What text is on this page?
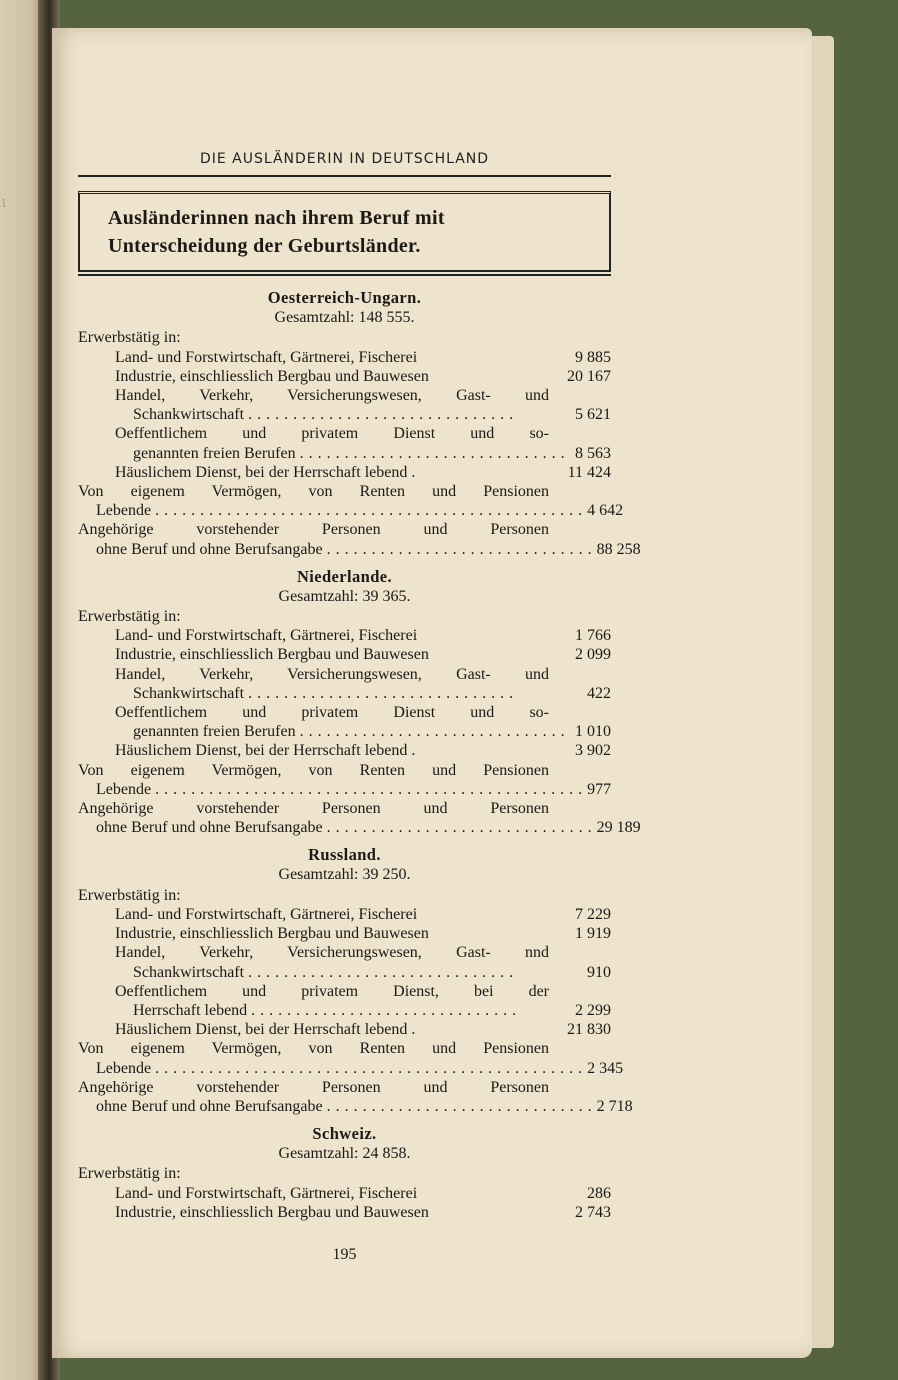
⁝
DIE AUSLÄNDERIN IN DEUTSCHLAND
Ausländerinnen nach ihrem Beruf mit
Unterscheidung der Geburtsländer.
Oesterreich-Ungarn.
Gesamtzahl: 148 555.
Erwerbstätig in:
Land- und Forstwirtschaft, Gärtnerei, Fischerei	9 885
Industrie, einschliesslich Bergbau und Bauwesen	20 167
Handel, Verkehr, Versicherungswesen, Gast- und
Schankwirtschaft ..............................	5 621
Oeffentlichem und privatem Dienst und so-
genannten freien Berufen .............................. 8 563
Häuslichem Dienst, bei der Herrschaft lebend .	11 424
Von eigenem Vermögen, von Renten und Pensionen
Lebende ................................................ 4 642
Angehörige vorstehender Personen und Personen
ohne Beruf und ohne Berufsangabe .............................. 88 258
Niederlande.
Gesamtzahl: 39 365.
Erwerbstätig in:
Land- und Forstwirtschaft, Gärtnerei, Fischerei	1 766
Industrie, einschliesslich Bergbau und Bauwesen	2 099
Handel, Verkehr, Versicherungswesen, Gast- und
Schankwirtschaft ..............................	422
Oeffentlichem und privatem Dienst und so-
genannten freien Berufen .............................. 1 010
Häuslichem Dienst, bei der Herrschaft lebend .	3 902
Von eigenem Vermögen, von Renten und Pensionen
Lebende ................................................ 977
Angehörige vorstehender Personen und Personen
ohne Beruf und ohne Berufsangabe .............................. 29 189
Russland.
Gesamtzahl: 39 250.
Erwerbstätig in:
Land- und Forstwirtschaft, Gärtnerei, Fischerei	7 229
Industrie, einschliesslich Bergbau und Bauwesen	1 919
Handel, Verkehr, Versicherungswesen, Gast- nnd
Schankwirtschaft ..............................	910
Oeffentlichem und privatem Dienst, bei der
Herrschaft lebend ..............................	2 299
Häuslichem Dienst, bei der Herrschaft lebend .	21 830
Von eigenem Vermögen, von Renten und Pensionen
Lebende ................................................ 2 345
Angehörige vorstehender Personen und Personen
ohne Beruf und ohne Berufsangabe .............................. 2 718
Schweiz.
Gesamtzahl: 24 858.
Erwerbstätig in:
Land- und Forstwirtschaft, Gärtnerei, Fischerei	286
Industrie, einschliesslich Bergbau und Bauwesen	2 743
195
